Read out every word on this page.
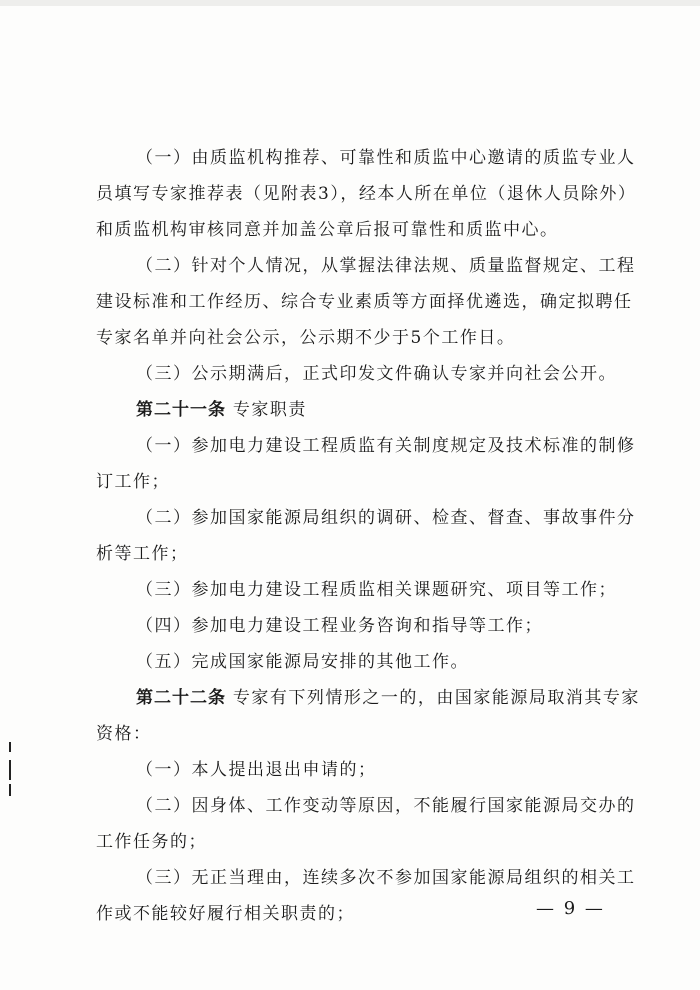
（一）由质监机构推荐、可靠性和质监中心邀请的质监专业人
员填写专家推荐表（见附表3），经本人所在单位（退休人员除外）
和质监机构审核同意并加盖公章后报可靠性和质监中心。
（二）针对个人情况，从掌握法律法规、质量监督规定、工程
建设标准和工作经历、综合专业素质等方面择优遴选，确定拟聘任
专家名单并向社会公示，公示期不少于5个工作日。
（三）公示期满后，正式印发文件确认专家并向社会公开。
第二十一条 专家职责
（一）参加电力建设工程质监有关制度规定及技术标准的制修
订工作；
（二）参加国家能源局组织的调研、检查、督查、事故事件分
析等工作；
（三）参加电力建设工程质监相关课题研究、项目等工作；
（四）参加电力建设工程业务咨询和指导等工作；
（五）完成国家能源局安排的其他工作。
第二十二条 专家有下列情形之一的，由国家能源局取消其专家
资格：
（一）本人提出退出申请的；
（二）因身体、工作变动等原因，不能履行国家能源局交办的
工作任务的；
（三）无正当理由，连续多次不参加国家能源局组织的相关工
作或不能较好履行相关职责的；	— 9 —
